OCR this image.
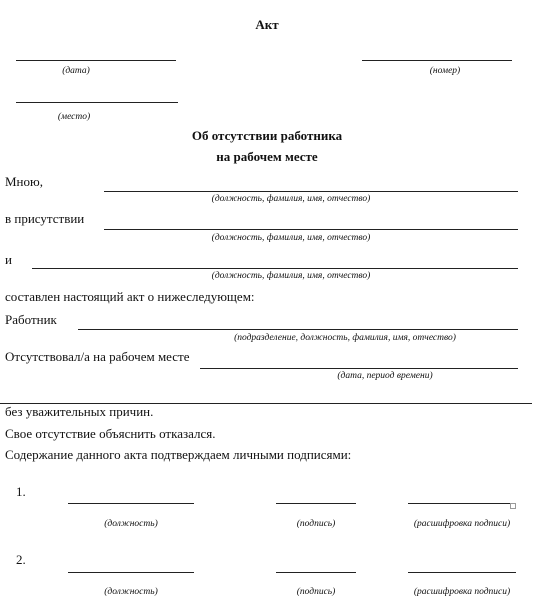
Акт
(дата)	(номер)
(место)
Об отсутствии работника
на рабочем месте
Мною,
(должность, фамилия, имя, отчество)
в присутствии
(должность, фамилия, имя, отчество)
и
(должность, фамилия, имя, отчество)
составлен настоящий акт о нижеследующем:
Работник
(подразделение, должность, фамилия, имя, отчество)
Отсутствовал/а на рабочем месте
(дата, период времени)
без уважительных причин.
Свое отсутствие объяснить отказался.
Содержание данного акта подтверждаем личными подписями:
1.
(должность)	(подпись)	(расшифровка подписи)
2.
(должность)	(подпись)	(расшифровка подписи)
